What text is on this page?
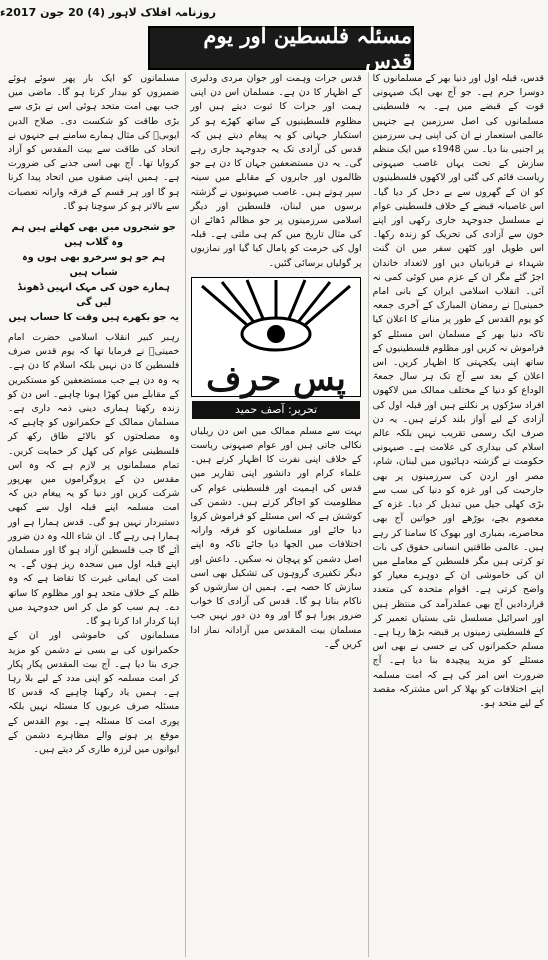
روزنامہ افلاک لاہور (4) 20 جون 2017ء
مسئلہ فلسطین اور یوم قدس

قدس، قبلہ اول اور دنیا بھر کے مسلمانوں کا دوسرا حرم ہے۔ جو آج بھی ایک صیہونی قوت کے قبضے میں ہے۔ یہ فلسطینی مسلمانوں کی اصل سرزمین ہے جنہیں عالمی استعمار نے ان کی اپنی ہی سرزمین پر اجنبی بنا دیا۔ سن 1948ء میں ایک منظم سازش کے تحت یہاں غاصب صیہونی ریاست قائم کی گئی اور لاکھوں فلسطینیوں کو ان کے گھروں سے بے دخل کر دیا گیا۔ اس غاصبانہ قبضے کے خلاف فلسطینی عوام نے مسلسل جدوجہد جاری رکھی اور اپنے خون سے آزادی کی تحریک کو زندہ رکھا۔ اس طویل اور کٹھن سفر میں ان گنت شہداء نے قربانیاں دیں اور لاتعداد خاندان اجڑ گئے مگر ان کے عزم میں کوئی کمی نہ آئی۔ انقلاب اسلامی ایران کے بانی امام خمینیؒ نے رمضان المبارک کے آخری جمعہ کو یوم القدس کے طور پر منانے کا اعلان کیا تاکہ دنیا بھر کے مسلمان اس مسئلے کو فراموش نہ کریں اور مظلوم فلسطینیوں کے ساتھ اپنی یکجہتی کا اظہار کریں۔ اس اعلان کے بعد سے آج تک ہر سال جمعۃ الوداع کو دنیا کے مختلف ممالک میں لاکھوں افراد سڑکوں پر نکلتے ہیں اور قبلہ اول کی آزادی کے لیے آواز بلند کرتے ہیں۔ یہ دن صرف ایک رسمی تقریب نہیں بلکہ عالم اسلام کی بیداری کی علامت ہے۔ صیہونی حکومت نے گزشتہ دہائیوں میں لبنان، شام، مصر اور اردن کی سرزمینوں پر بھی جارحیت کی اور غزہ کو دنیا کی سب سے بڑی کھلی جیل میں تبدیل کر دیا۔ غزہ کے معصوم بچے، بوڑھے اور خواتین آج بھی محاصرے، بمباری اور بھوک کا سامنا کر رہے ہیں۔ عالمی طاقتیں انسانی حقوق کی بات تو کرتی ہیں مگر فلسطین کے معاملے میں ان کی خاموشی ان کے دوہرے معیار کو واضح کرتی ہے۔ اقوام متحدہ کی متعدد قراردادیں آج بھی عملدرآمد کی منتظر ہیں اور اسرائیل مسلسل نئی بستیاں تعمیر کر کے فلسطینی زمینوں پر قبضہ بڑھا رہا ہے۔ مسلم حکمرانوں کی بے حسی نے بھی اس مسئلے کو مزید پیچیدہ بنا دیا ہے۔ آج ضرورت اس امر کی ہے کہ امت مسلمہ اپنے اختلافات کو بھلا کر اس مشترکہ مقصد کے لیے متحد ہو۔

قدس جرات وہمت اور جوان مردی ودلیری کے اظہار کا دن ہے۔ مسلمان اس دن اپنی ہمت اور جرات کا ثبوت دیتے ہیں اور مظلوم فلسطینیوں کے ساتھ کھڑے ہو کر استکبار جہانی کو یہ پیغام دیتے ہیں کہ قدس کی آزادی تک یہ جدوجہد جاری رہے گی۔ یہ دن مستضعفین جہان کا دن ہے جو ظالموں اور جابروں کے مقابلے میں سینہ سپر ہوتے ہیں۔ غاصب صیہونیوں نے گزشتہ برسوں میں لبنان، فلسطین اور دیگر اسلامی سرزمینوں پر جو مظالم ڈھائے ان کی مثال تاریخ میں کم ہی ملتی ہے۔ قبلہ اول کی حرمت کو پامال کیا گیا اور نمازیوں پر گولیاں برسائی گئیں۔

پس حرف
تحریر: آصف حمید

بہت سے مسلم ممالک میں اس دن ریلیاں نکالی جاتی ہیں اور عوام صیہونی ریاست کے خلاف اپنی نفرت کا اظہار کرتے ہیں۔ علماء کرام اور دانشور اپنی تقاریر میں قدس کی اہمیت اور فلسطینی عوام کی مظلومیت کو اجاگر کرتے ہیں۔ دشمن کی کوشش ہے کہ اس مسئلے کو فراموش کروا دیا جائے اور مسلمانوں کو فرقہ وارانہ اختلافات میں الجھا دیا جائے تاکہ وہ اپنے اصل دشمن کو پہچان نہ سکیں۔ داعش اور دیگر تکفیری گروہوں کی تشکیل بھی اسی سازش کا حصہ ہے۔ ہمیں ان سازشوں کو ناکام بنانا ہو گا۔ قدس کی آزادی کا خواب ضرور پورا ہو گا اور وہ دن دور نہیں جب مسلمان بیت المقدس میں آزادانہ نماز ادا کریں گے۔

مسلمانوں کو ایک بار پھر سوئے ہوئے ضمیروں کو بیدار کرنا ہو گا۔ ماضی میں جب بھی امت متحد ہوئی اس نے بڑی سے بڑی طاقت کو شکست دی۔ صلاح الدین ایوبیؒ کی مثال ہمارے سامنے ہے جنہوں نے اتحاد کی طاقت سے بیت المقدس کو آزاد کروایا تھا۔ آج بھی اسی جذبے کی ضرورت ہے۔ ہمیں اپنی صفوں میں اتحاد پیدا کرنا ہو گا اور ہر قسم کے فرقہ وارانہ تعصبات سے بالاتر ہو کر سوچنا ہو گا۔

جو شجروں میں بھی کھلتے ہیں ہم وہ گلاب ہیں
ہم جو ہو سرخرو بھی ہوں وہ شباب ہیں
ہمارے خون کی مہک انہیں ڈھونڈ لیں گی
یہ جو بکھرے ہیں وقت کا حساب ہیں

رہبر کبیر انقلاب اسلامی حضرت امام خمینیؒ نے فرمایا تھا کہ یوم قدس صرف فلسطین کا دن نہیں بلکہ اسلام کا دن ہے۔ یہ وہ دن ہے جب مستضعفین کو مستکبرین کے مقابلے میں کھڑا ہونا چاہیے۔ اس دن کو زندہ رکھنا ہماری دینی ذمہ داری ہے۔ مسلمان ممالک کے حکمرانوں کو چاہیے کہ وہ مصلحتوں کو بالائے طاق رکھ کر فلسطینی عوام کی کھل کر حمایت کریں۔ تمام مسلمانوں پر لازم ہے کہ وہ اس مقدس دن کے پروگراموں میں بھرپور شرکت کریں اور دنیا کو یہ پیغام دیں کہ امت مسلمہ اپنے قبلہ اول سے کبھی دستبردار نہیں ہو گی۔ قدس ہمارا ہے اور ہمارا ہی رہے گا۔ ان شاء اللہ وہ دن ضرور آئے گا جب فلسطین آزاد ہو گا اور مسلمان اپنے قبلہ اول میں سجدہ ریز ہوں گے۔ یہ امت کی ایمانی غیرت کا تقاضا ہے کہ وہ ظلم کے خلاف متحد ہو اور مظلوم کا ساتھ دے۔ ہم سب کو مل کر اس جدوجہد میں اپنا کردار ادا کرنا ہو گا۔

مسلمانوں کی خاموشی اور ان کے حکمرانوں کی بے بسی نے دشمن کو مزید جری بنا دیا ہے۔ آج بیت المقدس پکار پکار کر امت مسلمہ کو اپنی مدد کے لیے بلا رہا ہے۔ ہمیں یاد رکھنا چاہیے کہ قدس کا مسئلہ صرف عربوں کا مسئلہ نہیں بلکہ پوری امت کا مسئلہ ہے۔ یوم القدس کے موقع پر ہونے والے مظاہرے دشمن کے ایوانوں میں لرزہ طاری کر دیتے ہیں۔
